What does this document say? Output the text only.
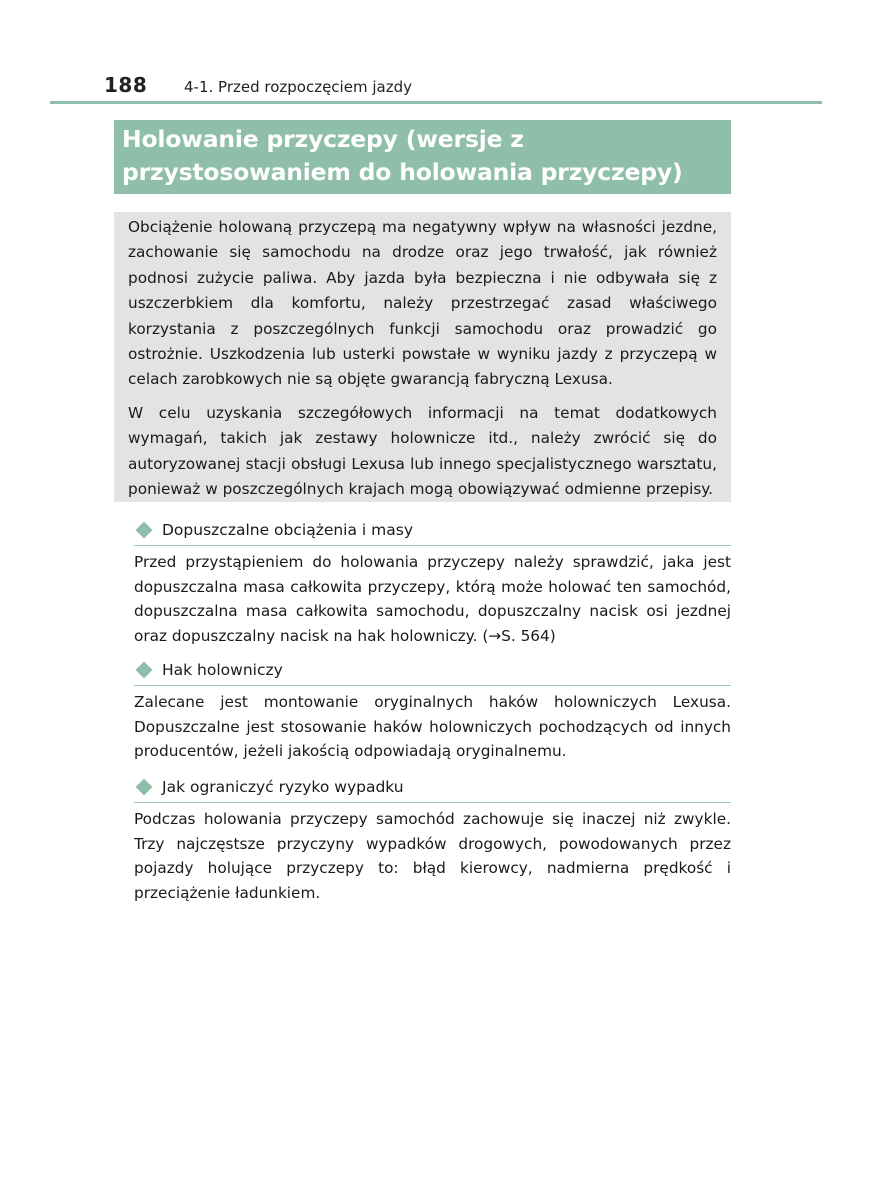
188 4-1. Przed rozpoczęciem jazdy
Holowanie przyczepy (wersje z przystosowaniem do holowania przyczepy)

Obciążenie holowaną przyczepą ma negatywny wpływ na własności jezdne, zachowanie się samochodu na drodze oraz jego trwałość, jak również podnosi zużycie paliwa. Aby jazda była bezpieczna i nie odbywała się z uszczerbkiem dla komfortu, należy przestrzegać zasad właściwego korzystania z poszczególnych funkcji samochodu oraz prowadzić go ostrożnie. Uszkodzenia lub usterki powstałe w wyniku jazdy z przyczepą w celach zarobkowych nie są objęte gwarancją fabryczną Lexusa.

W celu uzyskania szczegółowych informacji na temat dodatkowych wymagań, takich jak zestawy holownicze itd., należy zwrócić się do autoryzowanej stacji obsługi Lexusa lub innego specjalistycznego warsztatu, ponieważ w poszczególnych krajach mogą obowiązywać odmienne przepisy.

Dopuszczalne obciążenia i masy

Przed przystąpieniem do holowania przyczepy należy sprawdzić, jaka jest dopuszczalna masa całkowita przyczepy, którą może holować ten samochód, dopuszczalna masa całkowita samochodu, dopuszczalny nacisk osi jezdnej oraz dopuszczalny nacisk na hak holowniczy. (→S. 564)

Hak holowniczy

Zalecane jest montowanie oryginalnych haków holowniczych Lexusa. Dopuszczalne jest stosowanie haków holowniczych pochodzących od innych producentów, jeżeli jakością odpowiadają oryginalnemu.

Jak ograniczyć ryzyko wypadku

Podczas holowania przyczepy samochód zachowuje się inaczej niż zwykle. Trzy najczęstsze przyczyny wypadków drogowych, powodowanych przez pojazdy holujące przyczepy to: błąd kierowcy, nadmierna prędkość i przeciążenie ładunkiem.
